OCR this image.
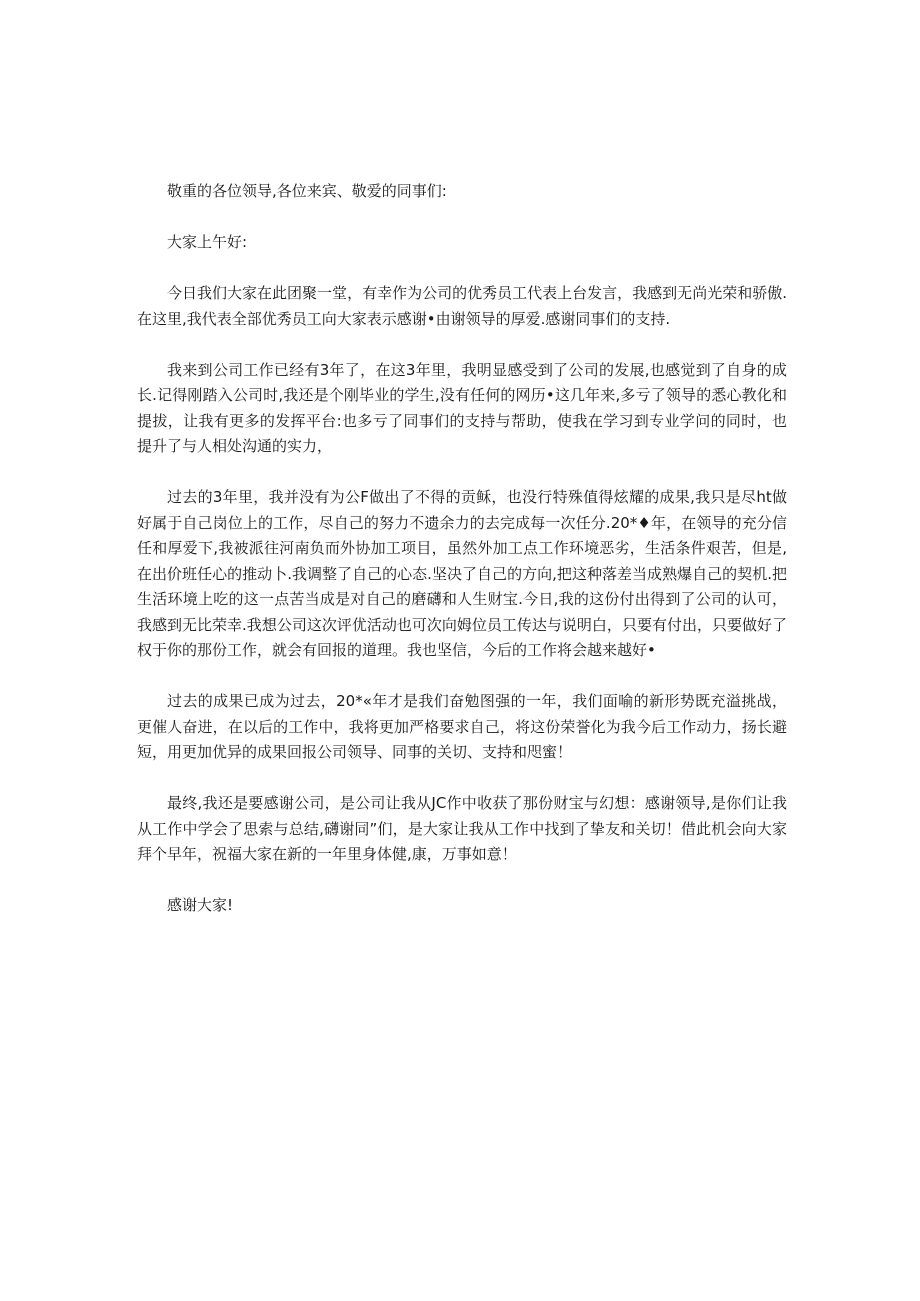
敬重的各位领导,各位来宾、敬爱的同事们:

大家上午好:

今日我们大家在此团聚一堂，有幸作为公司的优秀员工代表上台发言，我感到无尚光荣和骄傲.在这里,我代表全部优秀员工向大家表示感谢•由谢领导的厚爱.感谢同事们的支持.

我来到公司工作已经有3年了，在这3年里，我明显感受到了公司的发展,也感觉到了自身的成长.记得刚踏入公司时,我还是个刚毕业的学生,没有任何的网历•这几年来,多亏了领导的悉心教化和提拔，让我有更多的发挥平台:也多亏了同事们的支持与帮助，使我在学习到专业学问的同时，也提升了与人相处沟通的实力，

过去的3年里，我并没有为公F做出了不得的贡稣，也没行特殊值得炫耀的成果,我只是尽ht做好属于自己岗位上的工作，尽自己的努力不遗余力的去完成每一次任分.20*♦年，在领导的充分信任和厚爱下,我被派往河南负而外协加工项目，虽然外加工点工作环境恶劣，生活条件艰苦，但是,在出价班任心的推动卜.我调整了自己的心态.坚决了自己的方向,把这种落差当成熟爆自己的契机.把生活环境上吃的这一点苦当成是对自己的磨礴和人生财宝.今日,我的这份付出得到了公司的认可，我感到无比荣幸.我想公司这次评优活动也可次向姆位员工传达与说明白，只要有付出，只要做好了权于你的那份工作，就会有回报的道理。我也坚信，今后的工作将会越来越好•

过去的成果已成为过去，20*«年才是我们奋勉图强的一年，我们面喻的新形势既充溢挑战，更催人奋进，在以后的工作中，我将更加严格要求自己，将这份荣誉化为我今后工作动力，扬长避短，用更加优异的成果回报公司领导、同事的关切、支持和咫蜜！

最终,我还是要感谢公司，是公司让我从JC作中收获了那份财宝与幻想：感谢领导,是你们让我从工作中学会了思索与总结,礴谢同”们，是大家让我从工作中找到了挚友和关切！借此机会向大家拜个早年，祝福大家在新的一年里身体健,康，万事如意！

感谢大家!
